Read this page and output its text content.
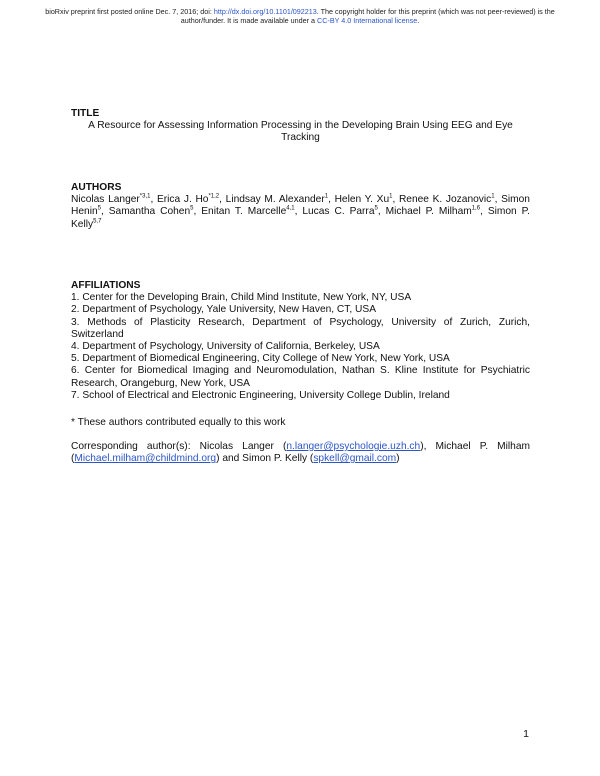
bioRxiv preprint first posted online Dec. 7, 2016; doi: http://dx.doi.org/10.1101/092213. The copyright holder for this preprint (which was not peer-reviewed) is the author/funder. It is made available under a CC-BY 4.0 International license.

TITLE

A Resource for Assessing Information Processing in the Developing Brain Using EEG and Eye Tracking

AUTHORS

Nicolas Langer$^{*3,1}$, Erica J. Ho$^{*1,2}$, Lindsay M. Alexander$^1$, Helen Y. Xu$^1$, Renee K. Jozanovic$^1$, Simon Henin$^5$, Samantha Cohen$^5$, Enitan T. Marcelle$^{4,1}$, Lucas C. Parra$^5$, Michael P. Milham$^{1,6}$, Simon P. Kelly$^{5,7}$

AFFILIATIONS

1. Center for the Developing Brain, Child Mind Institute, New York, NY, USA

2. Department of Psychology, Yale University, New Haven, CT, USA

3. Methods of Plasticity Research, Department of Psychology, University of Zurich, Zurich, Switzerland

4. Department of Psychology, University of California, Berkeley, USA

5. Department of Biomedical Engineering, City College of New York, New York, USA

6. Center for Biomedical Imaging and Neuromodulation, Nathan S. Kline Institute for Psychiatric Research, Orangeburg, New York, USA

7. School of Electrical and Electronic Engineering, University College Dublin, Ireland

* These authors contributed equally to this work

Corresponding author(s): Nicolas Langer (n.langer@psychologie.uzh.ch), Michael P. Milham (Michael.milham@childmind.org) and Simon P. Kelly (spkell@gmail.com)

1
